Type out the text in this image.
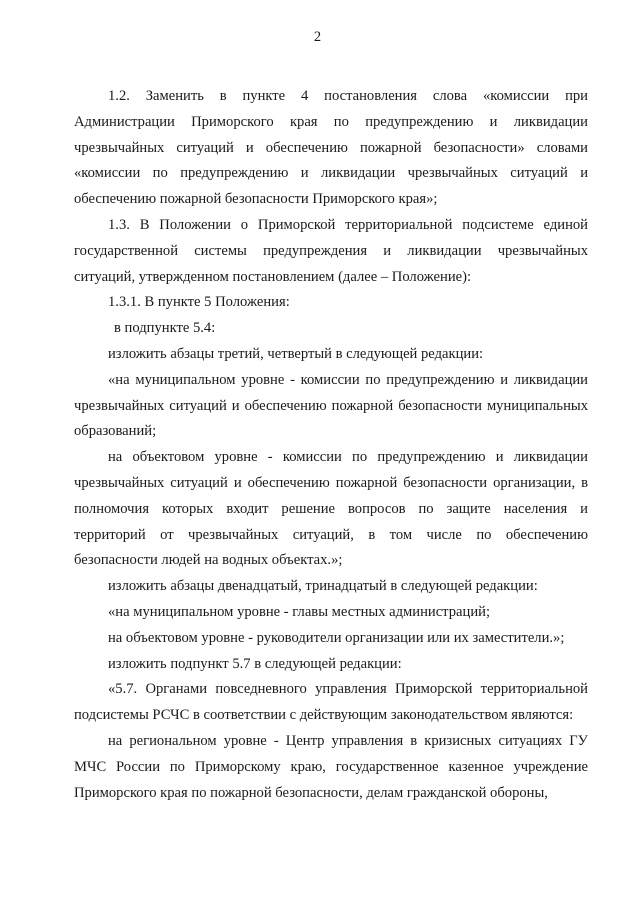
2

1.2. Заменить в пункте 4 постановления слова «комиссии при Администрации Приморского края по предупреждению и ликвидации чрезвычайных ситуаций и обеспечению пожарной безопасности» словами «комиссии по предупреждению и ликвидации чрезвычайных ситуаций и обеспечению пожарной безопасности Приморского края»;

1.3. В Положении о Приморской территориальной подсистеме единой государственной системы предупреждения и ликвидации чрезвычайных ситуаций, утвержденном постановлением (далее – Положение):

1.3.1. В пункте 5 Положения:

в подпункте 5.4:

изложить абзацы третий, четвертый в следующей редакции:

«на муниципальном уровне - комиссии по предупреждению и ликвидации чрезвычайных ситуаций и обеспечению пожарной безопасности муниципальных образований;

на объектовом уровне - комиссии по предупреждению и ликвидации чрезвычайных ситуаций и обеспечению пожарной безопасности организации, в полномочия которых входит решение вопросов по защите населения и территорий от чрезвычайных ситуаций, в том числе по обеспечению безопасности людей на водных объектах.»;

изложить абзацы двенадцатый, тринадцатый в следующей редакции:

«на муниципальном уровне - главы местных администраций;

на объектовом уровне - руководители организации или их заместители.»;

изложить подпункт 5.7 в следующей редакции:

«5.7. Органами повседневного управления Приморской территориальной подсистемы РСЧС в соответствии с действующим законодательством являются:

на региональном уровне - Центр управления в кризисных ситуациях ГУ МЧС России по Приморскому краю, государственное казенное учреждение Приморского края по пожарной безопасности, делам гражданской обороны,
